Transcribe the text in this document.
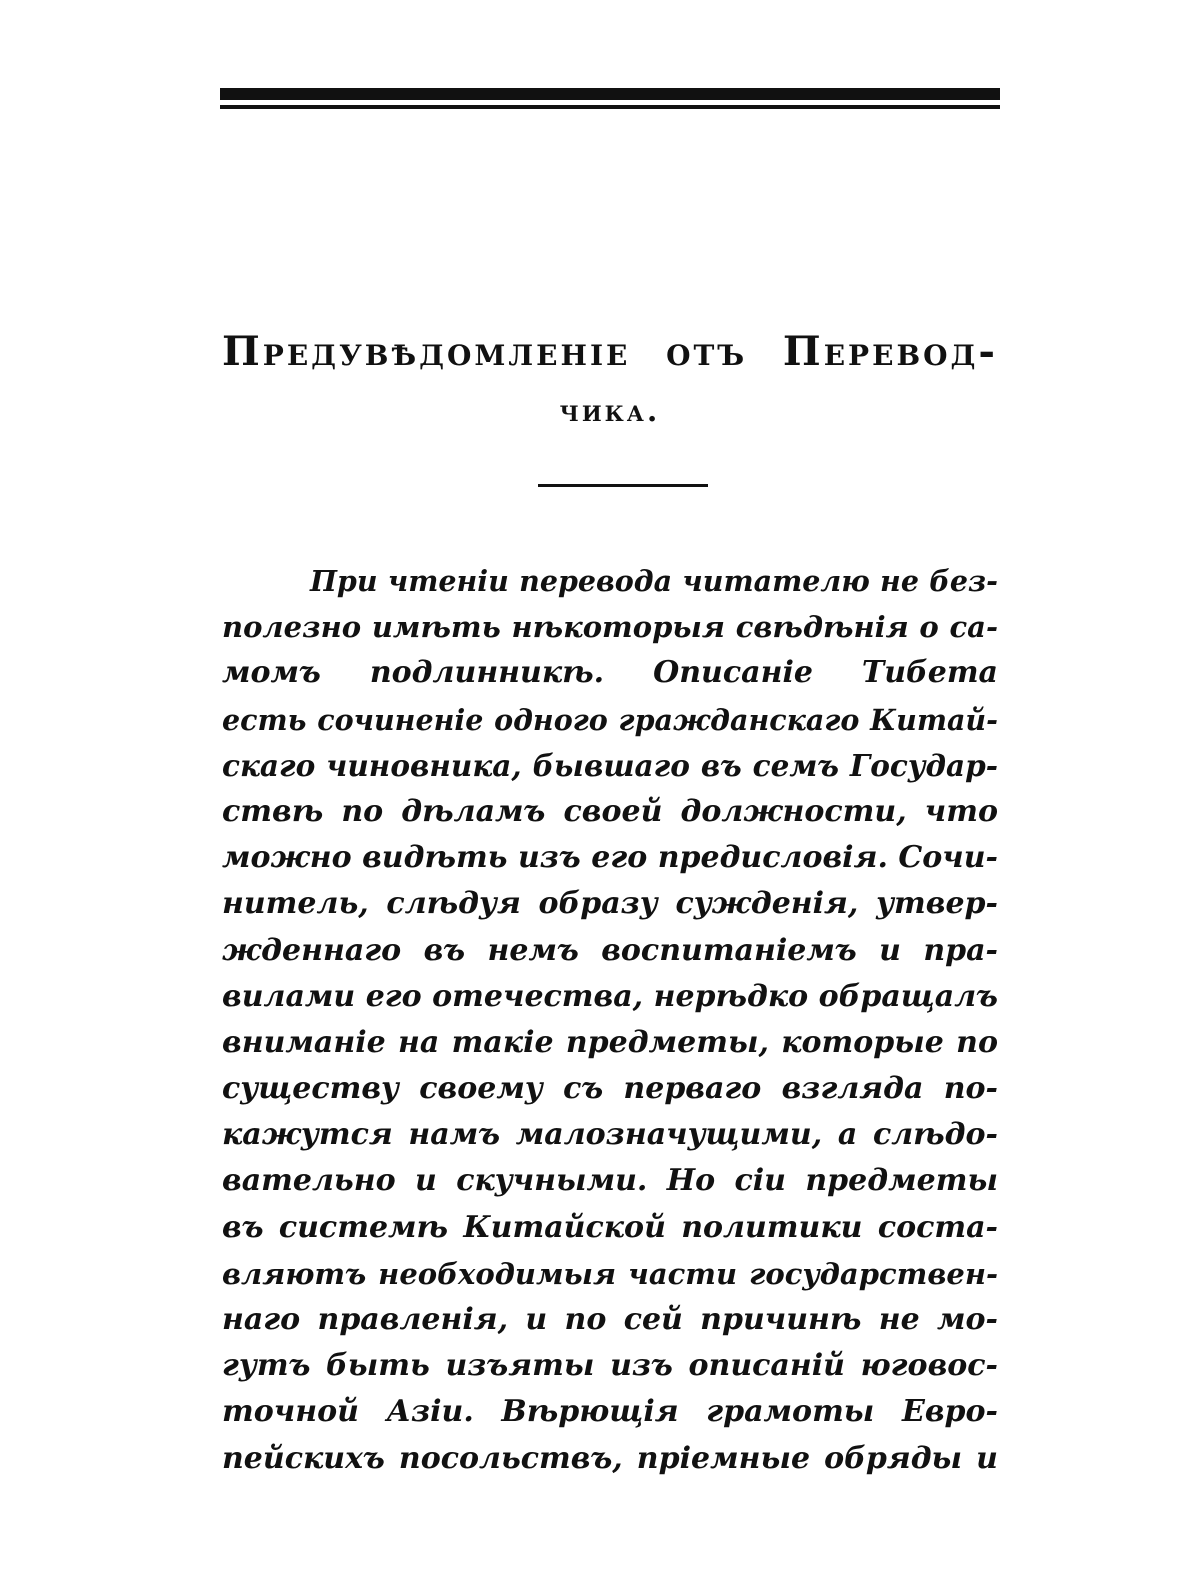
Предувѣдомленіе отъ Перевод-
чика.
При чтеніи перевода читателю не без-
полезно имѣть нѣкоторыя свѣдѣнія о са-
момъ подлинникѣ. Описаніе Тибета
есть сочиненіе одного гражданскаго Китай-
скаго чиновника, бывшаго въ семъ Государ-
ствѣ по дѣламъ своей должности, что
можно видѣть изъ его предисловія. Сочи-
нитель, слѣдуя образу сужденія, утвер-
жденнаго въ немъ воспитаніемъ и пра-
вилами его отечества, нерѣдко обращалъ
вниманіе на такіе предметы, которые по
существу своему съ перваго взгляда по-
кажутся намъ малозначущими, а слѣдо-
вательно и скучными. Но сіи предметы
въ системѣ Китайской политики соста-
вляютъ необходимыя части государствен-
наго правленія, и по сей причинѣ не мо-
гутъ быть изъяты изъ описаній юговос-
точной Азіи. Вѣрющія грамоты Евро-
пейскихъ посольствъ, пріемные обряды и
